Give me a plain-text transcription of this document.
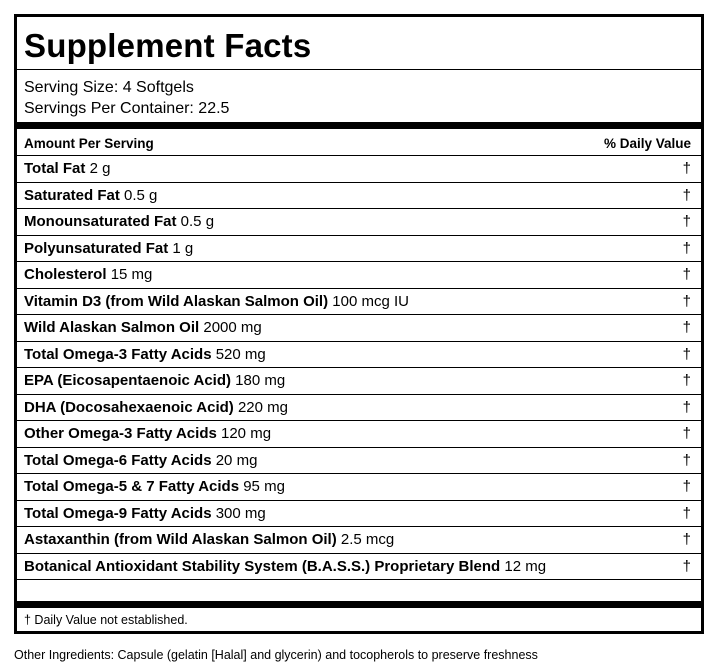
Supplement Facts
Serving Size: 4 Softgels
Servings Per Container: 22.5
Amount Per Serving	% Daily Value
Total Fat 2 g	†
Saturated Fat 0.5 g	†
Monounsaturated Fat 0.5 g	†
Polyunsaturated Fat 1 g	†
Cholesterol 15 mg	†
Vitamin D3 (from Wild Alaskan Salmon Oil) 100 mcg IU	†
Wild Alaskan Salmon Oil 2000 mg	†
Total Omega-3 Fatty Acids 520 mg	†
EPA (Eicosapentaenoic Acid) 180 mg	†
DHA (Docosahexaenoic Acid) 220 mg	†
Other Omega-3 Fatty Acids 120 mg	†
Total Omega-6 Fatty Acids 20 mg	†
Total Omega-5 & 7 Fatty Acids 95 mg	†
Total Omega-9 Fatty Acids 300 mg	†
Astaxanthin (from Wild Alaskan Salmon Oil) 2.5 mcg	†
Botanical Antioxidant Stability System (B.A.S.S.) Proprietary Blend 12 mg	†
† Daily Value not established.
Other Ingredients: Capsule (gelatin [Halal] and glycerin) and tocopherols to preserve freshness
